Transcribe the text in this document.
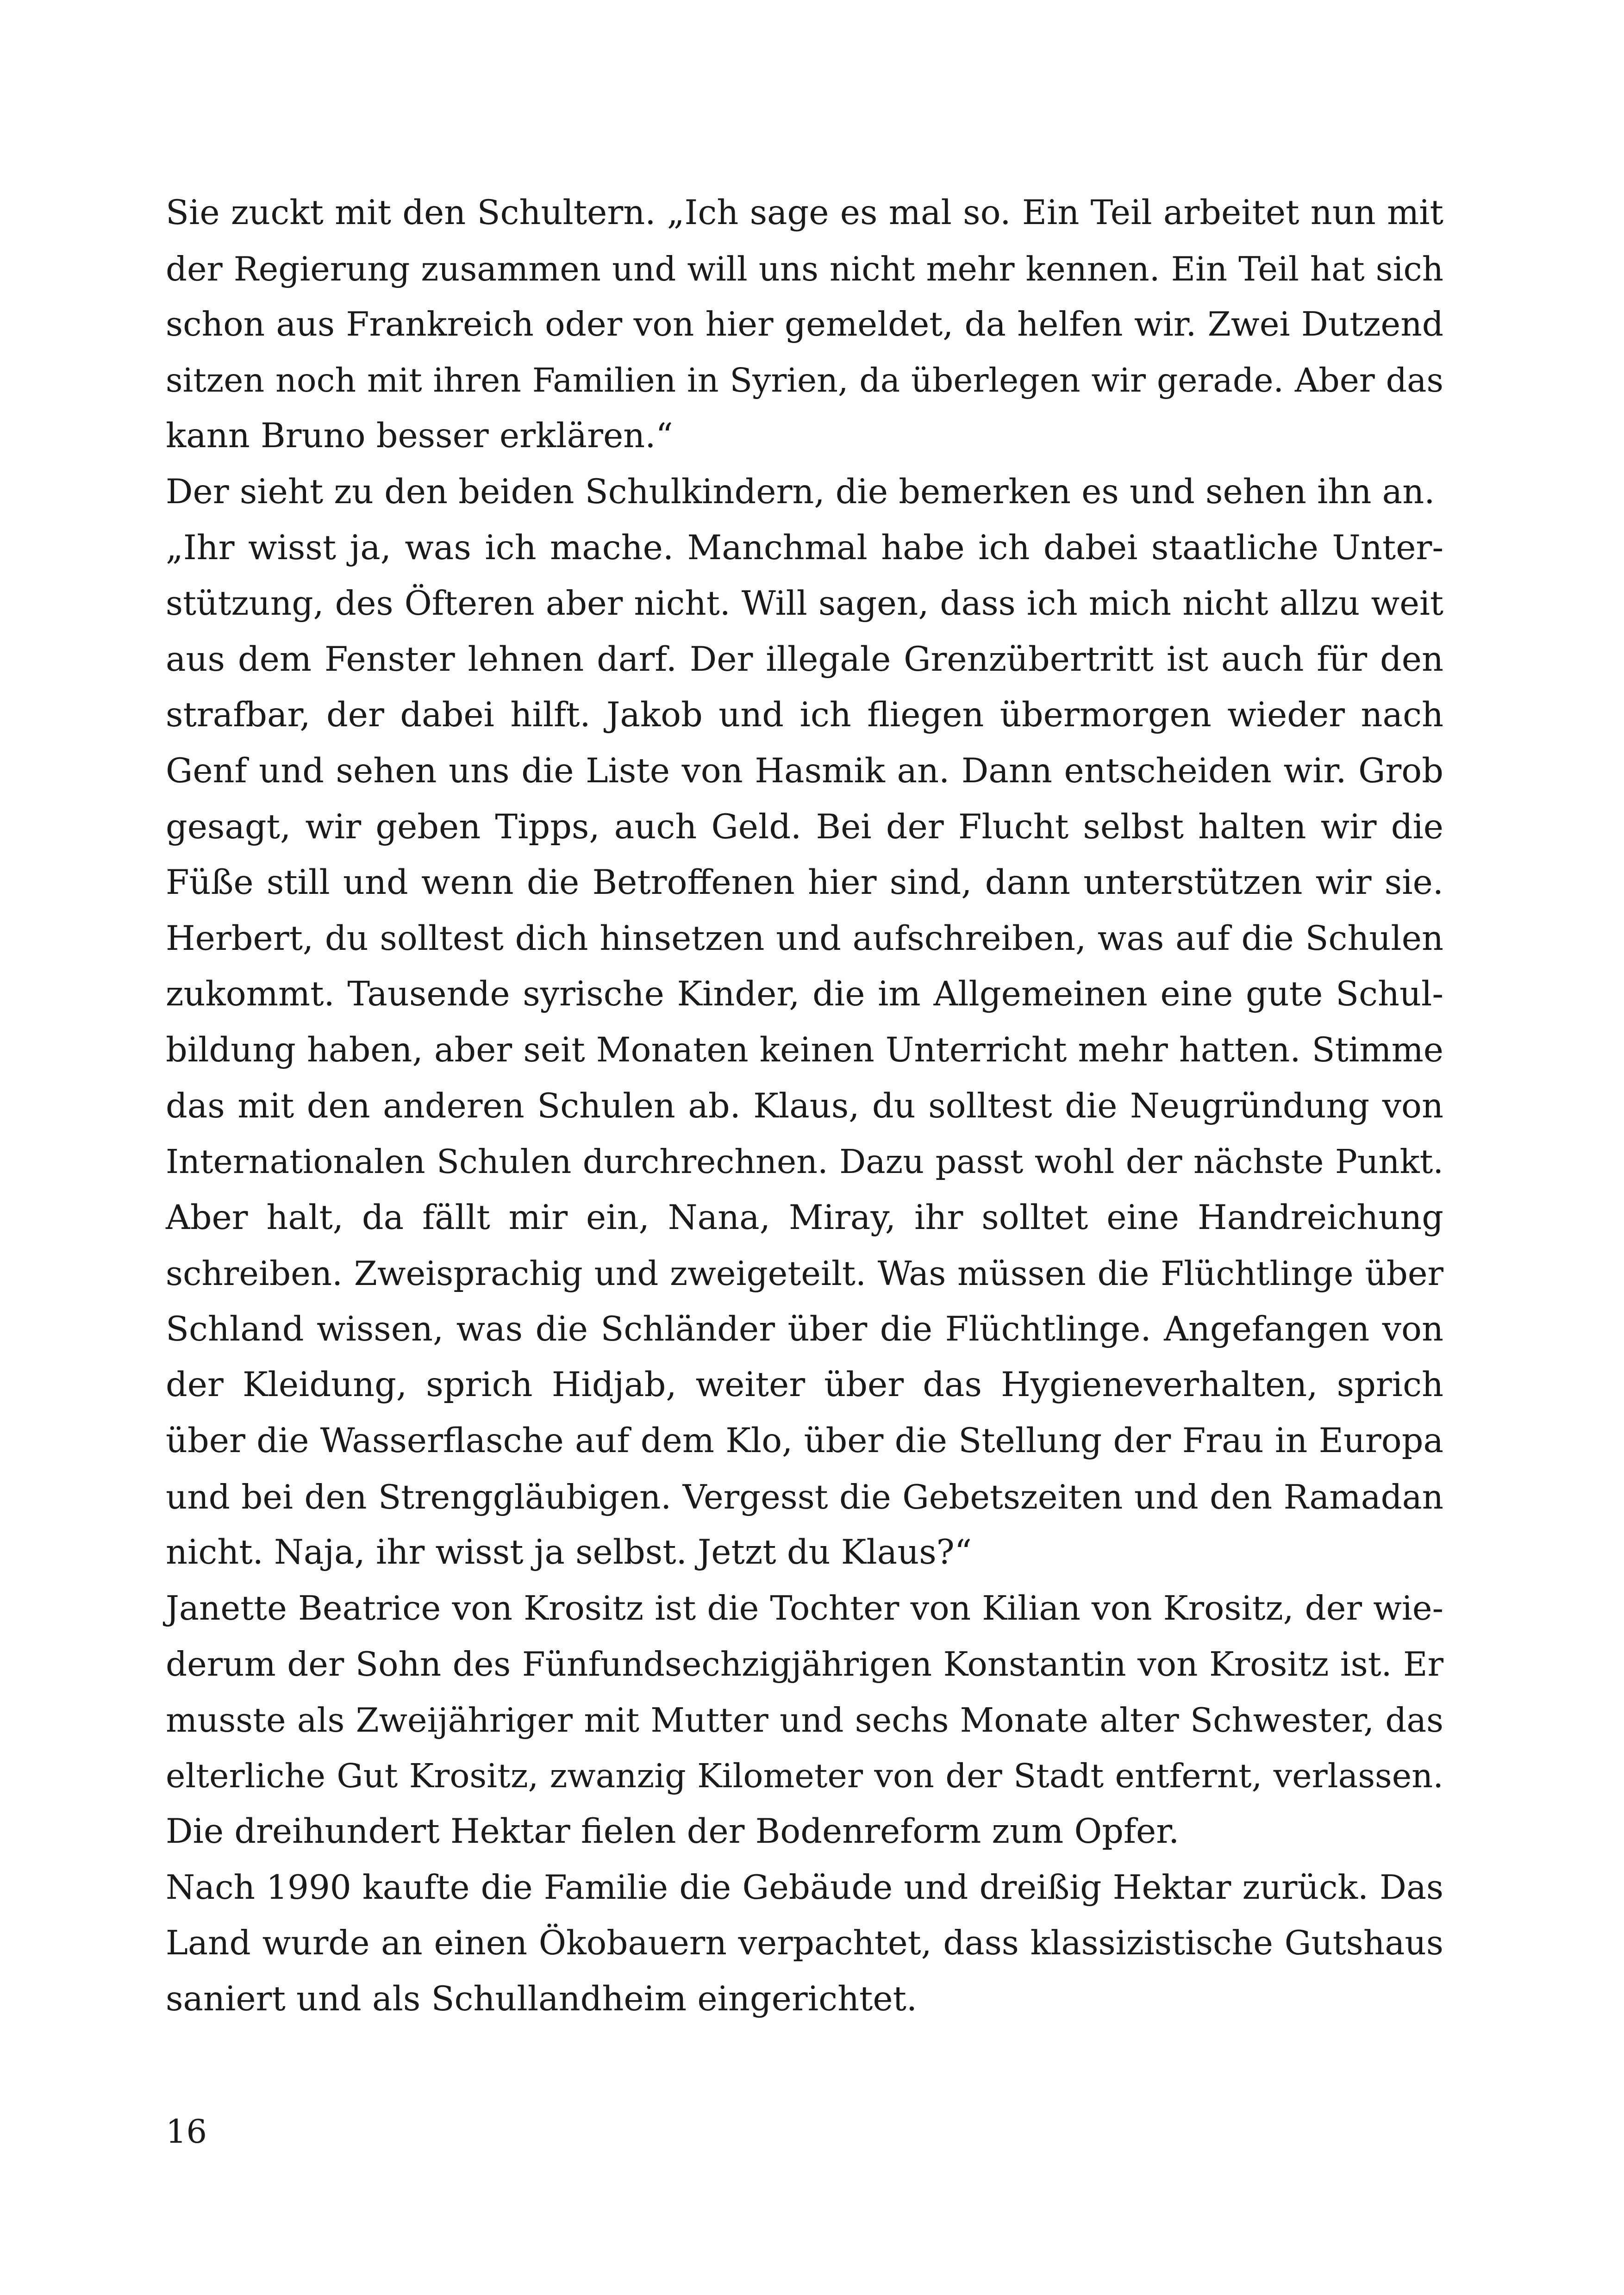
Sie zuckt mit den Schultern. „Ich sage es mal so. Ein Teil arbeitet nun mit
der Regierung zusammen und will uns nicht mehr kennen. Ein Teil hat sich
schon aus Frankreich oder von hier gemeldet, da helfen wir. Zwei Dutzend
sitzen noch mit ihren Familien in Syrien, da überlegen wir gerade. Aber das
kann Bruno besser erklären.“
Der sieht zu den beiden Schulkindern, die bemerken es und sehen ihn an.
„Ihr wisst ja, was ich mache. Manchmal habe ich dabei staatliche Unter-
stützung, des Öfteren aber nicht. Will sagen, dass ich mich nicht allzu weit
aus dem Fenster lehnen darf. Der illegale Grenzübertritt ist auch für den
strafbar, der dabei hilft. Jakob und ich fliegen übermorgen wieder nach
Genf und sehen uns die Liste von Hasmik an. Dann entscheiden wir. Grob
gesagt, wir geben Tipps, auch Geld. Bei der Flucht selbst halten wir die
Füße still und wenn die Betroffenen hier sind, dann unterstützen wir sie.
Herbert, du solltest dich hinsetzen und aufschreiben, was auf die Schulen
zukommt. Tausende syrische Kinder, die im Allgemeinen eine gute Schul-
bildung haben, aber seit Monaten keinen Unterricht mehr hatten. Stimme
das mit den anderen Schulen ab. Klaus, du solltest die Neugründung von
Internationalen Schulen durchrechnen. Dazu passt wohl der nächste Punkt.
Aber halt, da fällt mir ein, Nana, Miray, ihr solltet eine Handreichung
schreiben. Zweisprachig und zweigeteilt. Was müssen die Flüchtlinge über
Schland wissen, was die Schländer über die Flüchtlinge. Angefangen von
der Kleidung, sprich Hidjab, weiter über das Hygieneverhalten, sprich
über die Wasserflasche auf dem Klo, über die Stellung der Frau in Europa
und bei den Strenggläubigen. Vergesst die Gebetszeiten und den Ramadan
nicht. Naja, ihr wisst ja selbst. Jetzt du Klaus?“
Janette Beatrice von Krositz ist die Tochter von Kilian von Krositz, der wie-
derum der Sohn des Fünfundsechzigjährigen Konstantin von Krositz ist. Er
musste als Zweijähriger mit Mutter und sechs Monate alter Schwester, das
elterliche Gut Krositz, zwanzig Kilometer von der Stadt entfernt, verlassen.
Die dreihundert Hektar fielen der Bodenreform zum Opfer.
Nach 1990 kaufte die Familie die Gebäude und dreißig Hektar zurück. Das
Land wurde an einen Ökobauern verpachtet, dass klassizistische Gutshaus
saniert und als Schullandheim eingerichtet.
16
